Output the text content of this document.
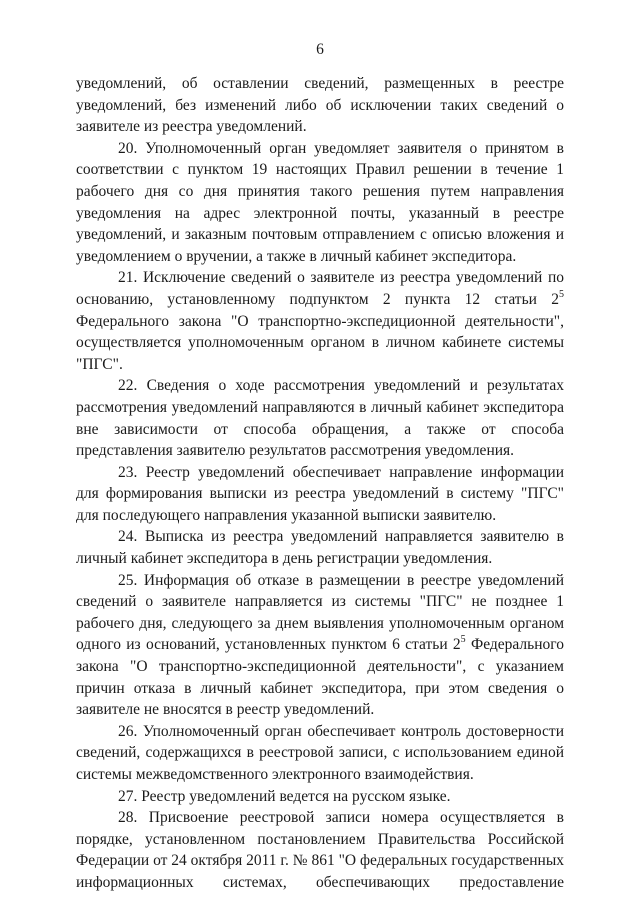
6

уведомлений, об оставлении сведений, размещенных в реестре уведомлений, без изменений либо об исключении таких сведений о заявителе из реестра уведомлений.

20. Уполномоченный орган уведомляет заявителя о принятом в соответствии с пунктом 19 настоящих Правил решении в течение 1 рабочего дня со дня принятия такого решения путем направления уведомления на адрес электронной почты, указанный в реестре уведомлений, и заказным почтовым отправлением с описью вложения и уведомлением о вручении, а также в личный кабинет экспедитора.

21. Исключение сведений о заявителе из реестра уведомлений по основанию, установленному подпунктом 2 пункта 12 статьи $2^5$ Федерального закона "О транспортно-экспедиционной деятельности", осуществляется уполномоченным органом в личном кабинете системы "ПГС".

22. Сведения о ходе рассмотрения уведомлений и результатах рассмотрения уведомлений направляются в личный кабинет экспедитора вне зависимости от способа обращения, а также от способа представления заявителю результатов рассмотрения уведомления.

23. Реестр уведомлений обеспечивает направление информации для формирования выписки из реестра уведомлений в систему "ПГС" для последующего направления указанной выписки заявителю.

24. Выписка из реестра уведомлений направляется заявителю в личный кабинет экспедитора в день регистрации уведомления.

25. Информация об отказе в размещении в реестре уведомлений сведений о заявителе направляется из системы "ПГС" не позднее 1 рабочего дня, следующего за днем выявления уполномоченным органом одного из оснований, установленных пунктом 6 статьи $2^5$ Федерального закона "О транспортно-экспедиционной деятельности", с указанием причин отказа в личный кабинет экспедитора, при этом сведения о заявителе не вносятся в реестр уведомлений.

26. Уполномоченный орган обеспечивает контроль достоверности сведений, содержащихся в реестровой записи, с использованием единой системы межведомственного электронного взаимодействия.

27. Реестр уведомлений ведется на русском языке.

28. Присвоение реестровой записи номера осуществляется в порядке, установленном постановлением Правительства Российской Федерации от 24 октября 2011 г. № 861 "О федеральных государственных информационных системах, обеспечивающих предоставление
